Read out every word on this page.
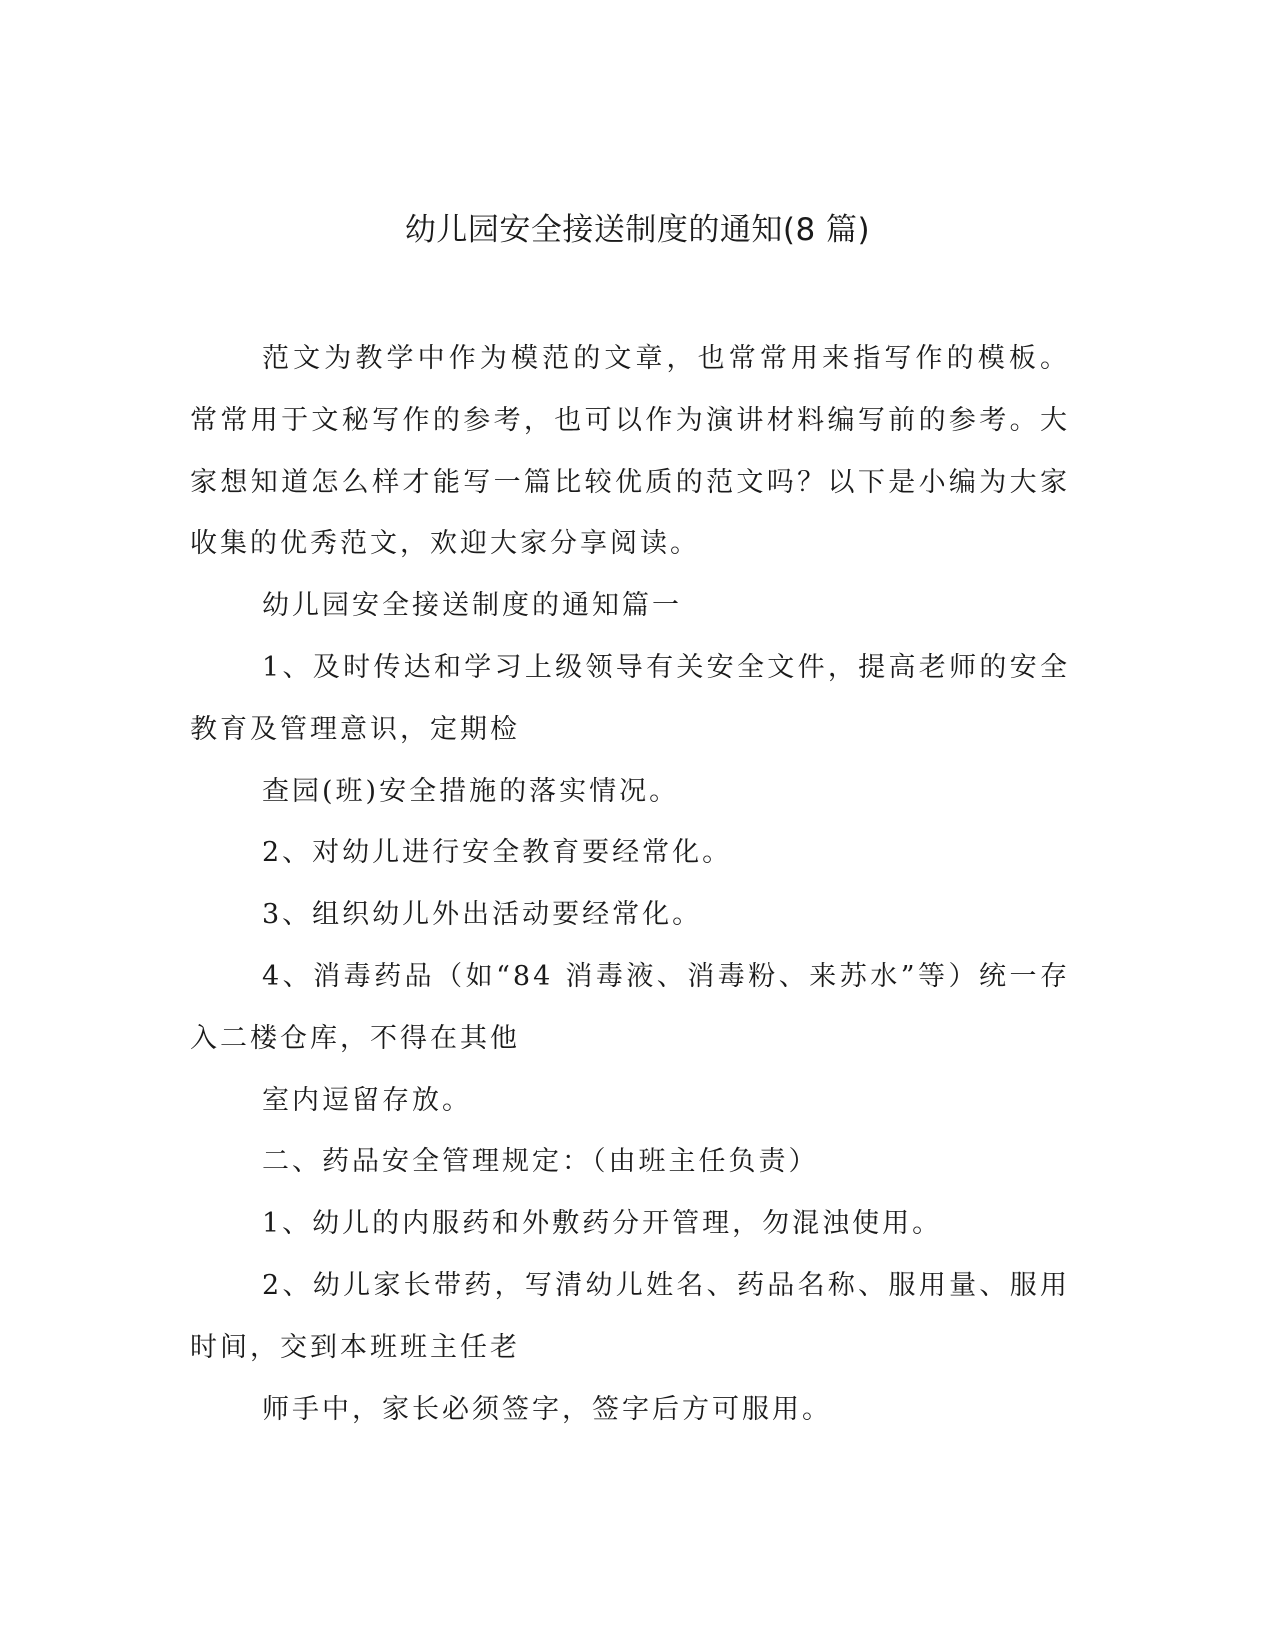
幼儿园安全接送制度的通知(8 篇)

范文为教学中作为模范的文章，也常常用来指写作的模板。常常用于文秘写作的参考，也可以作为演讲材料编写前的参考。大家想知道怎么样才能写一篇比较优质的范文吗？以下是小编为大家收集的优秀范文，欢迎大家分享阅读。

幼儿园安全接送制度的通知篇一

1、及时传达和学习上级领导有关安全文件，提高老师的安全教育及管理意识，定期检

查园(班)安全措施的落实情况。

2、对幼儿进行安全教育要经常化。

3、组织幼儿外出活动要经常化。

4、消毒药品（如“84 消毒液、消毒粉、来苏水”等）统一存入二楼仓库，不得在其他

室内逗留存放。

二、药品安全管理规定：（由班主任负责）

1、幼儿的内服药和外敷药分开管理，勿混浊使用。

2、幼儿家长带药，写清幼儿姓名、药品名称、服用量、服用时间，交到本班班主任老

师手中，家长必须签字，签字后方可服用。
